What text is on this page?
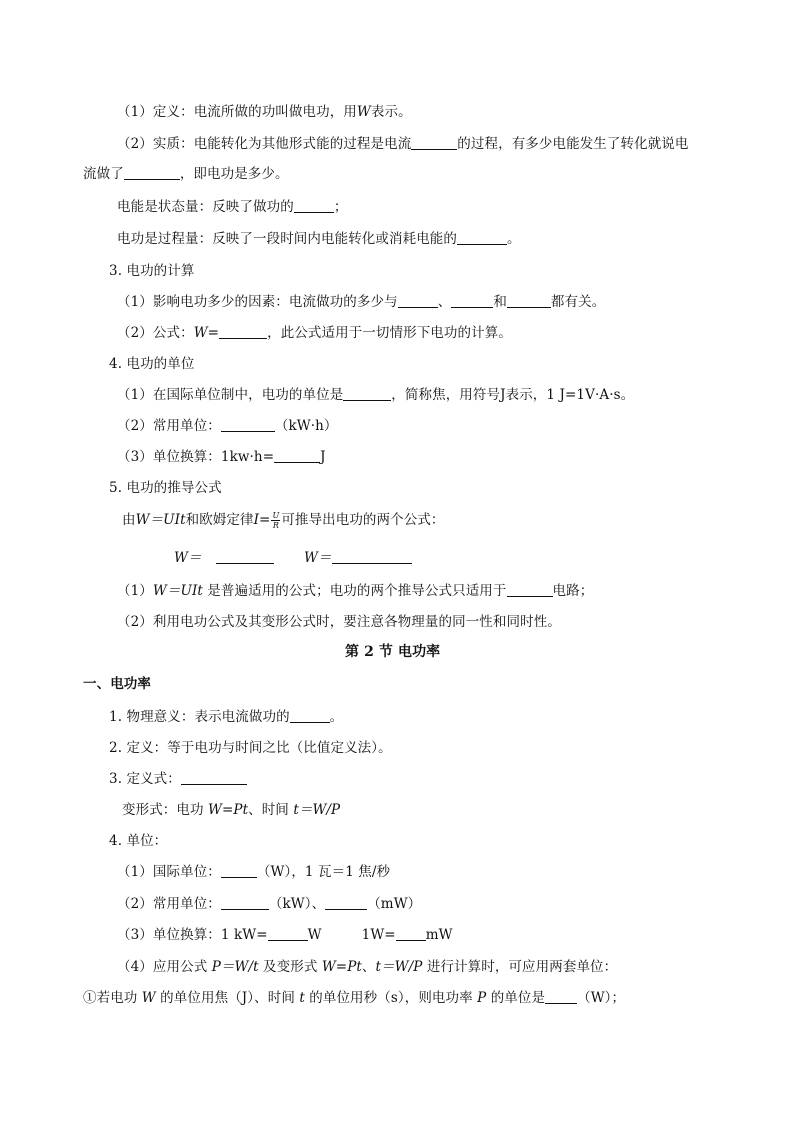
（1）定义：电流所做的功叫做电功，用W表示。
（2）实质：电能转化为其他形式能的过程是电流	的过程，有多少电能发生了转化就说电
流做了	，即电功是多少。
电能是状态量：反映了做功的	；
电功是过程量：反映了一段时间内电能转化或消耗电能的	。
3. 电功的计算
（1）影响电功多少的因素：电流做功的多少与	、	和	都有关。
（2）公式：W=	，此公式适用于一切情形下电功的计算。
4. 电功的单位
（1）在国际单位制中，电功的单位是	，简称焦，用符号J表示，1 J=1V·A·s。
（2）常用单位：	（kW·h）
（3）单位换算：1kw·h=	J
5. 电功的推导公式
由W＝UIt和欧姆定律$I= \frac{U}{R}$ 可推导出电功的两个公式：
W＝	W＝
（1）W＝UIt 是普遍适用的公式；电功的两个推导公式只适用于	电路；
（2）利用电功公式及其变形公式时，要注意各物理量的同一性和同时性。
第 2 节 电功率
一、电功率
1. 物理意义：表示电流做功的	。
2. 定义：等于电功与时间之比（比值定义法）。
3. 定义式：
变形式：电功 W=Pt、时间 t＝W/P
4. 单位：
（1）国际单位：	（W），1 瓦＝1 焦/秒
（2）常用单位：	（kW）、	（mW）
（3）单位换算：1 kW=	W	1W= mW
（4）应用公式 P＝W/t 及变形式 W=Pt、t＝W/P 进行计算时，可应用两套单位：
①若电功 W 的单位用焦（J）、时间 t 的单位用秒（s），则电功率 P 的单位是 （W）；
